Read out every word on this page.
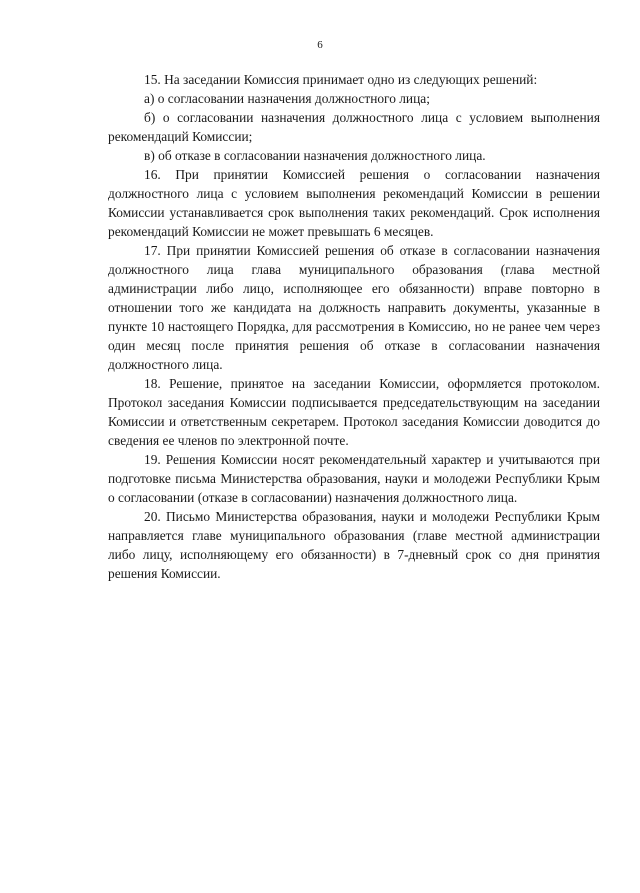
6

15. На заседании Комиссия принимает одно из следующих решений:

а) о согласовании назначения должностного лица;

б) о согласовании назначения должностного лица с условием выполнения рекомендаций Комиссии;

в) об отказе в согласовании назначения должностного лица.

16. При принятии Комиссией решения о согласовании назначения должностного лица с условием выполнения рекомендаций Комиссии в решении Комиссии устанавливается срок выполнения таких рекомендаций. Срок исполнения рекомендаций Комиссии не может превышать 6 месяцев.

17. При принятии Комиссией решения об отказе в согласовании назначения должностного лица глава муниципального образования (глава местной администрации либо лицо, исполняющее его обязанности) вправе повторно в отношении того же кандидата на должность направить документы, указанные в пункте 10 настоящего Порядка, для рассмотрения в Комиссию, но не ранее чем через один месяц после принятия решения об отказе в согласовании назначения должностного лица.

18. Решение, принятое на заседании Комиссии, оформляется протоколом. Протокол заседания Комиссии подписывается председательствующим на заседании Комиссии и ответственным секретарем. Протокол заседания Комиссии доводится до сведения ее членов по электронной почте.

19. Решения Комиссии носят рекомендательный характер и учитываются при подготовке письма Министерства образования, науки и молодежи Республики Крым о согласовании (отказе в согласовании) назначения должностного лица.

20. Письмо Министерства образования, науки и молодежи Республики Крым направляется главе муниципального образования (главе местной администрации либо лицу, исполняющему его обязанности) в 7-дневный срок со дня принятия решения Комиссии.
